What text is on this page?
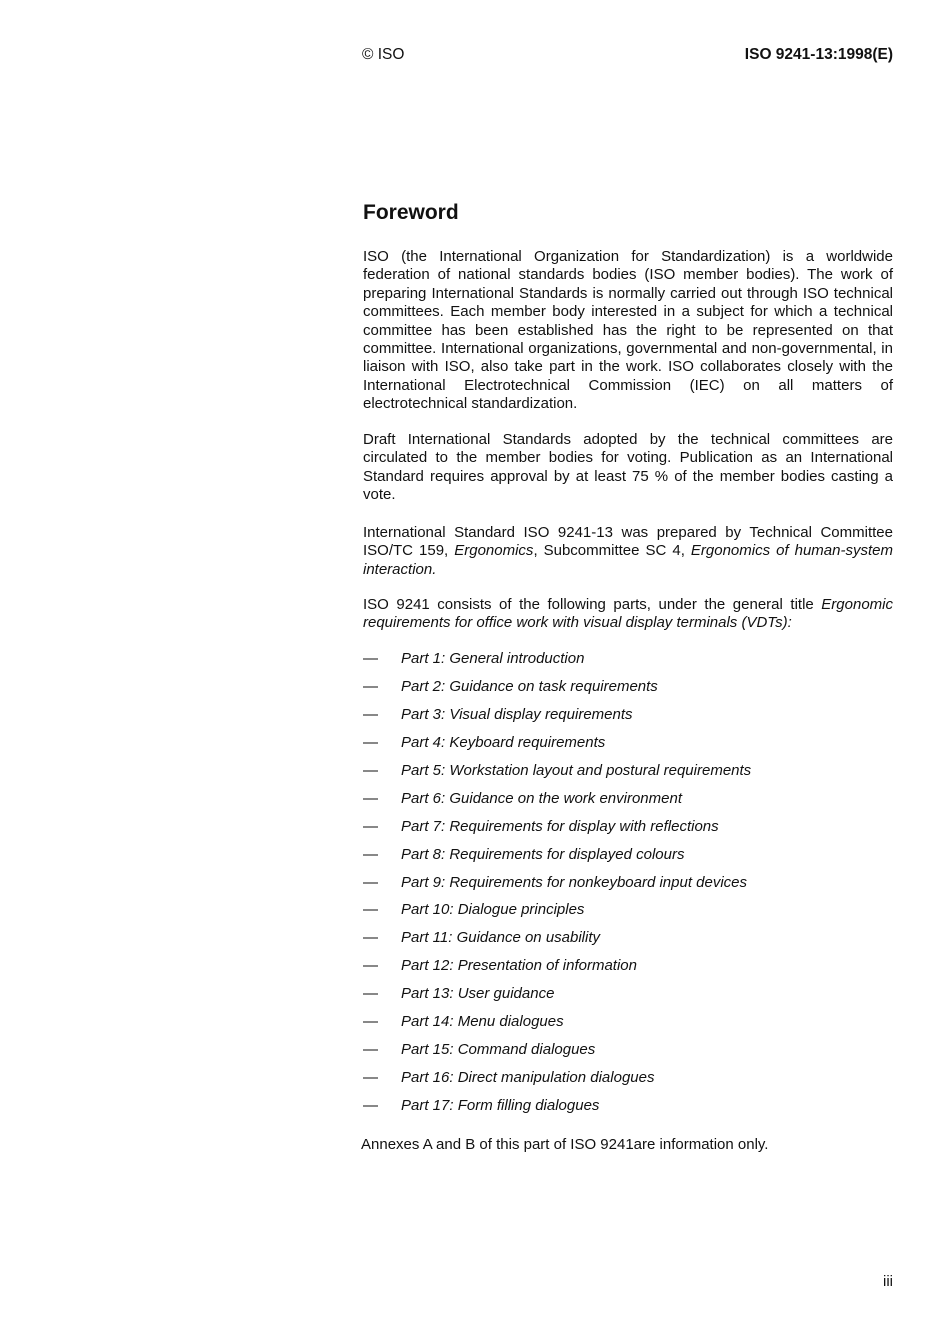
© ISO	ISO 9241-13:1998(E)
Foreword

ISO (the International Organization for Standardization) is a worldwide federation of national standards bodies (ISO member bodies). The work of preparing International Standards is normally carried out through ISO technical committees. Each member body interested in a subject for which a technical committee has been established has the right to be represented on that committee. International organizations, governmental and non-governmental, in liaison with ISO, also take part in the work. ISO collaborates closely with the International Electrotechnical Commission (IEC) on all matters of electrotechnical standardization.

Draft International Standards adopted by the technical committees are circulated to the member bodies for voting. Publication as an International Standard requires approval by at least 75 % of the member bodies casting a vote.

International Standard ISO 9241-13 was prepared by Technical Committee ISO/TC 159, Ergonomics, Subcommittee SC 4, Ergonomics of human-system interaction.

ISO 9241 consists of the following parts, under the general title Ergonomic requirements for office work with visual display terminals (VDTs):

— Part 1: General introduction
— Part 2: Guidance on task requirements
— Part 3: Visual display requirements
— Part 4: Keyboard requirements
— Part 5: Workstation layout and postural requirements
— Part 6: Guidance on the work environment
— Part 7: Requirements for display with reflections
— Part 8: Requirements for displayed colours
— Part 9: Requirements for nonkeyboard input devices
— Part 10: Dialogue principles
— Part 11: Guidance on usability
— Part 12: Presentation of information
— Part 13: User guidance
— Part 14: Menu dialogues
— Part 15: Command dialogues
— Part 16: Direct manipulation dialogues
— Part 17: Form filling dialogues

Annexes A and B of this part of ISO 9241are information only.

iii
